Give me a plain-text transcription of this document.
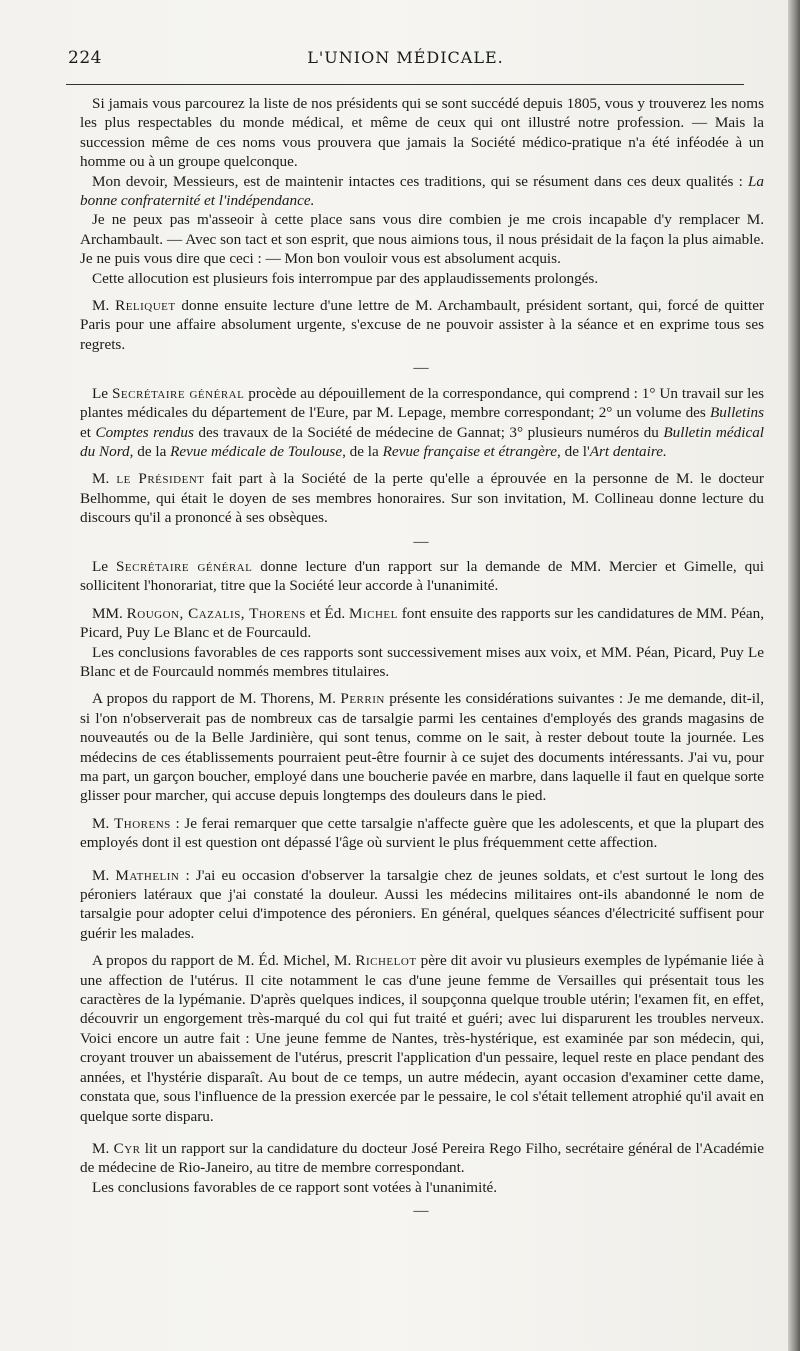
224	L'UNION MÉDICALE.

Si jamais vous parcourez la liste de nos présidents qui se sont succédé depuis 1805, vous y trouverez les noms les plus respectables du monde médical, et même de ceux qui ont illustré notre profession. — Mais la succession même de ces noms vous prouvera que jamais la Société médico-pratique n'a été inféodée à un homme ou à un groupe quelconque.

Mon devoir, Messieurs, est de maintenir intactes ces traditions, qui se résument dans ces deux qualités : La bonne confraternité et l'indépendance.

Je ne peux pas m'asseoir à cette place sans vous dire combien je me crois incapable d'y remplacer M. Archambault. — Avec son tact et son esprit, que nous aimions tous, il nous présidait de la façon la plus aimable. Je ne puis vous dire que ceci : — Mon bon vouloir vous est absolument acquis.

Cette allocution est plusieurs fois interrompue par des applaudissements prolongés.

M. Reliquet donne ensuite lecture d'une lettre de M. Archambault, président sortant, qui, forcé de quitter Paris pour une affaire absolument urgente, s'excuse de ne pouvoir assister à la séance et en exprime tous ses regrets.

—

Le Secrétaire général procède au dépouillement de la correspondance, qui comprend : 1° Un travail sur les plantes médicales du département de l'Eure, par M. Lepage, membre correspondant; 2° un volume des Bulletins et Comptes rendus des travaux de la Société de médecine de Gannat; 3° plusieurs numéros du Bulletin médical du Nord, de la Revue médicale de Toulouse, de la Revue française et étrangère, de l'Art dentaire.

M. le Président fait part à la Société de la perte qu'elle a éprouvée en la personne de M. le docteur Belhomme, qui était le doyen de ses membres honoraires. Sur son invitation, M. Collineau donne lecture du discours qu'il a prononcé à ses obsèques.

—

Le Secrétaire général donne lecture d'un rapport sur la demande de MM. Mercier et Gimelle, qui sollicitent l'honorariat, titre que la Société leur accorde à l'unanimité.

MM. Rougon, Cazalis, Thorens et Éd. Michel font ensuite des rapports sur les candidatures de MM. Péan, Picard, Puy Le Blanc et de Fourcauld.

Les conclusions favorables de ces rapports sont successivement mises aux voix, et MM. Péan, Picard, Puy Le Blanc et de Fourcauld nommés membres titulaires.

A propos du rapport de M. Thorens, M. Perrin présente les considérations suivantes : Je me demande, dit-il, si l'on n'observerait pas de nombreux cas de tarsalgie parmi les centaines d'employés des grands magasins de nouveautés ou de la Belle Jardinière, qui sont tenus, comme on le sait, à rester debout toute la journée. Les médecins de ces établissements pourraient peut-être fournir à ce sujet des documents intéressants. J'ai vu, pour ma part, un garçon boucher, employé dans une boucherie pavée en marbre, dans laquelle il faut en quelque sorte glisser pour marcher, qui accuse depuis longtemps des douleurs dans le pied.

M. Thorens : Je ferai remarquer que cette tarsalgie n'affecte guère que les adolescents, et que la plupart des employés dont il est question ont dépassé l'âge où survient le plus fréquemment cette affection.

M. Mathelin : J'ai eu occasion d'observer la tarsalgie chez de jeunes soldats, et c'est surtout le long des péroniers latéraux que j'ai constaté la douleur. Aussi les médecins militaires ont-ils abandonné le nom de tarsalgie pour adopter celui d'impotence des péroniers. En général, quelques séances d'électricité suffisent pour guérir les malades.

A propos du rapport de M. Éd. Michel, M. Richelot père dit avoir vu plusieurs exemples de lypémanie liée à une affection de l'utérus. Il cite notamment le cas d'une jeune femme de Versailles qui présentait tous les caractères de la lypémanie. D'après quelques indices, il soupçonna quelque trouble utérin; l'examen fit, en effet, découvrir un engorgement très-marqué du col qui fut traité et guéri; avec lui disparurent les troubles nerveux. Voici encore un autre fait : Une jeune femme de Nantes, très-hystérique, est examinée par son médecin, qui, croyant trouver un abaissement de l'utérus, prescrit l'application d'un pessaire, lequel reste en place pendant des années, et l'hystérie disparaît. Au bout de ce temps, un autre médecin, ayant occasion d'examiner cette dame, constata que, sous l'influence de la pression exercée par le pessaire, le col s'était tellement atrophié qu'il avait en quelque sorte disparu.

M. Cyr lit un rapport sur la candidature du docteur José Pereira Rego Filho, secrétaire général de l'Académie de médecine de Rio-Janeiro, au titre de membre correspondant.

Les conclusions favorables de ce rapport sont votées à l'unanimité.

—
